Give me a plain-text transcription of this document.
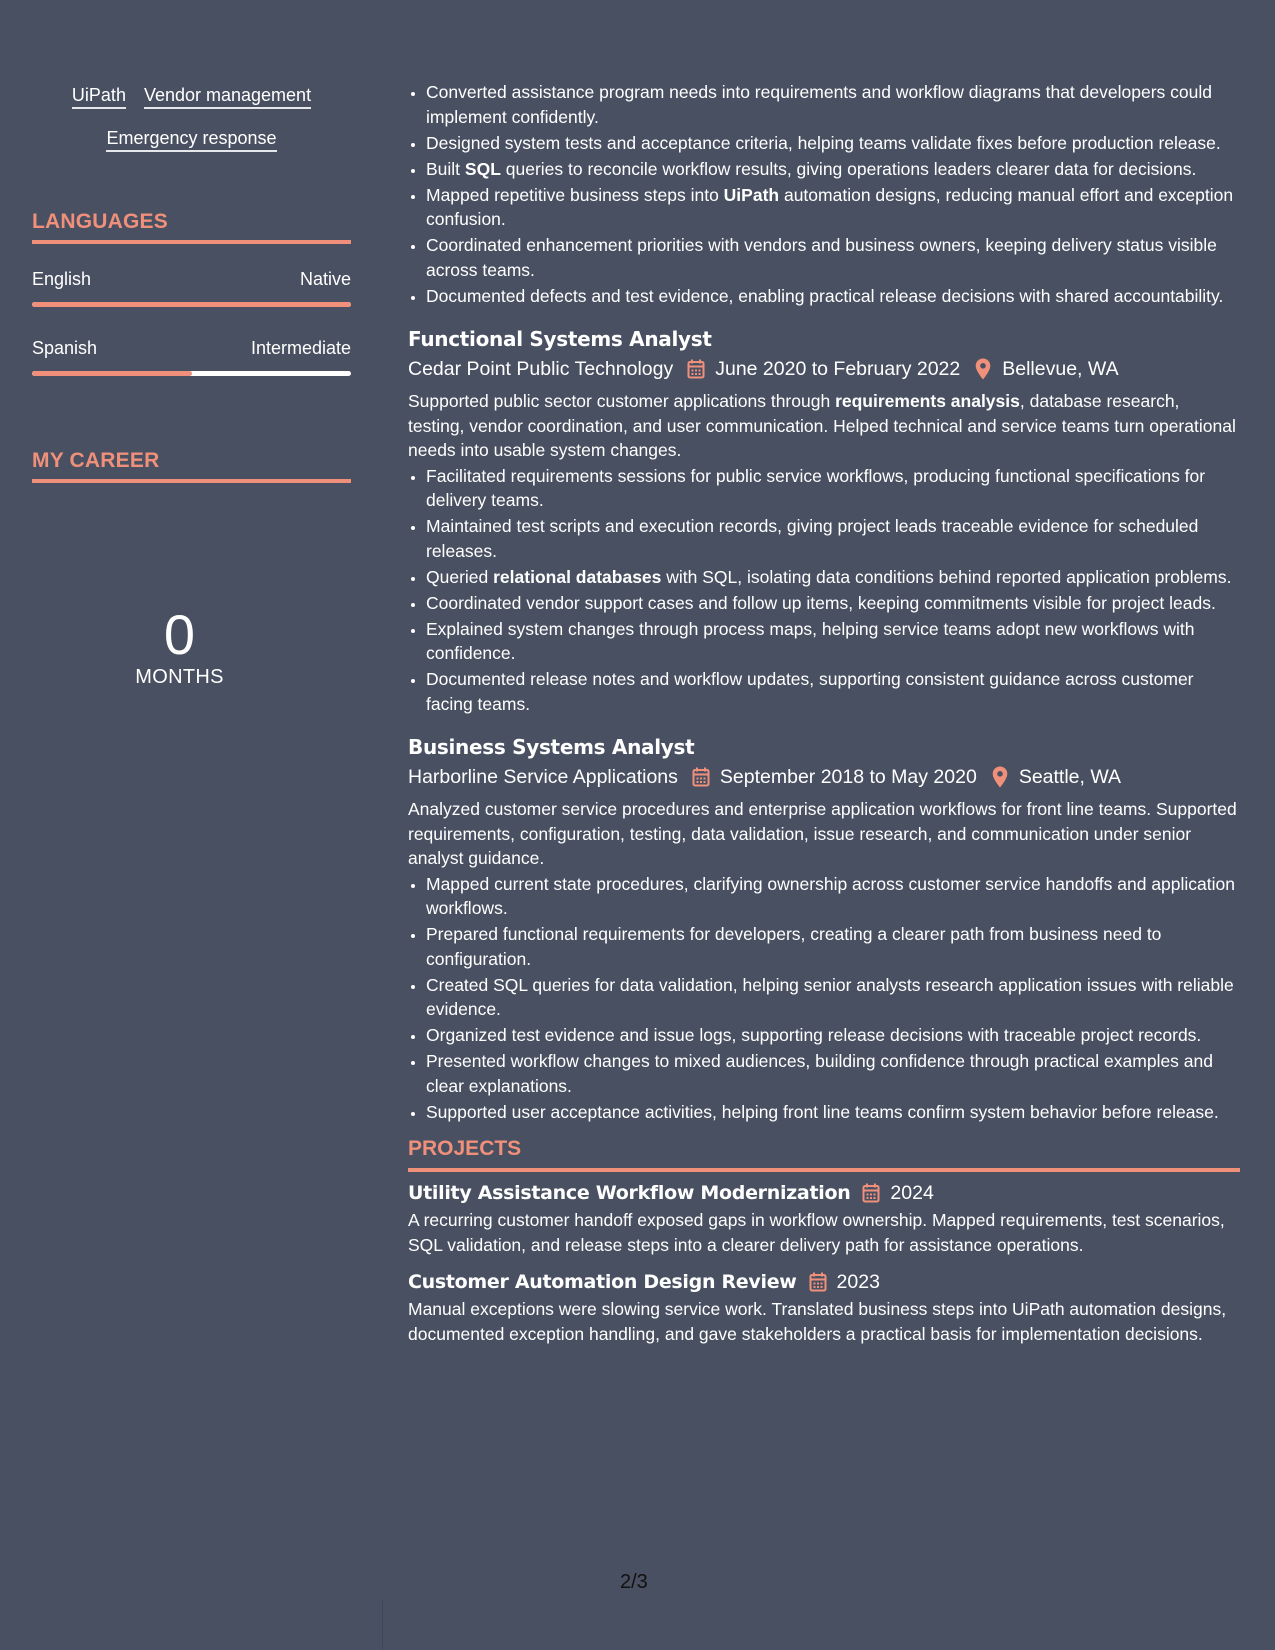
UiPath Vendor management
Emergency response
LANGUAGES
English	Native
Spanish	Intermediate
MY CAREER
0
MONTHS
• Converted assistance program needs into requirements and workflow diagrams that developers could implement confidently.
• Designed system tests and acceptance criteria, helping teams validate fixes before production release.
• Built SQL queries to reconcile workflow results, giving operations leaders clearer data for decisions.
• Mapped repetitive business steps into UiPath automation designs, reducing manual effort and exception confusion.
• Coordinated enhancement priorities with vendors and business owners, keeping delivery status visible across teams.
• Documented defects and test evidence, enabling practical release decisions with shared accountability.
Functional Systems Analyst
Cedar Point Public Technology June 2020 to February 2022 Bellevue, WA

Supported public sector customer applications through requirements analysis, database research, testing, vendor coordination, and user communication. Helped technical and service teams turn operational needs into usable system changes.

• Facilitated requirements sessions for public service workflows, producing functional specifications for delivery teams.
• Maintained test scripts and execution records, giving project leads traceable evidence for scheduled releases.
• Queried relational databases with SQL, isolating data conditions behind reported application problems.
• Coordinated vendor support cases and follow up items, keeping commitments visible for project leads.
• Explained system changes through process maps, helping service teams adopt new workflows with confidence.
• Documented release notes and workflow updates, supporting consistent guidance across customer facing teams.
Business Systems Analyst
Harborline Service Applications September 2018 to May 2020 Seattle, WA

Analyzed customer service procedures and enterprise application workflows for front line teams. Supported requirements, configuration, testing, data validation, issue research, and communication under senior analyst guidance.

• Mapped current state procedures, clarifying ownership across customer service handoffs and application workflows.
• Prepared functional requirements for developers, creating a clearer path from business need to configuration.
• Created SQL queries for data validation, helping senior analysts research application issues with reliable evidence.
• Organized test evidence and issue logs, supporting release decisions with traceable project records.
• Presented workflow changes to mixed audiences, building confidence through practical examples and clear explanations.
• Supported user acceptance activities, helping front line teams confirm system behavior before release.
PROJECTS
Utility Assistance Workflow Modernization 2024

A recurring customer handoff exposed gaps in workflow ownership. Mapped requirements, test scenarios, SQL validation, and release steps into a clearer delivery path for assistance operations.

Customer Automation Design Review 2023

Manual exceptions were slowing service work. Translated business steps into UiPath automation designs, documented exception handling, and gave stakeholders a practical basis for implementation decisions.

2/3
